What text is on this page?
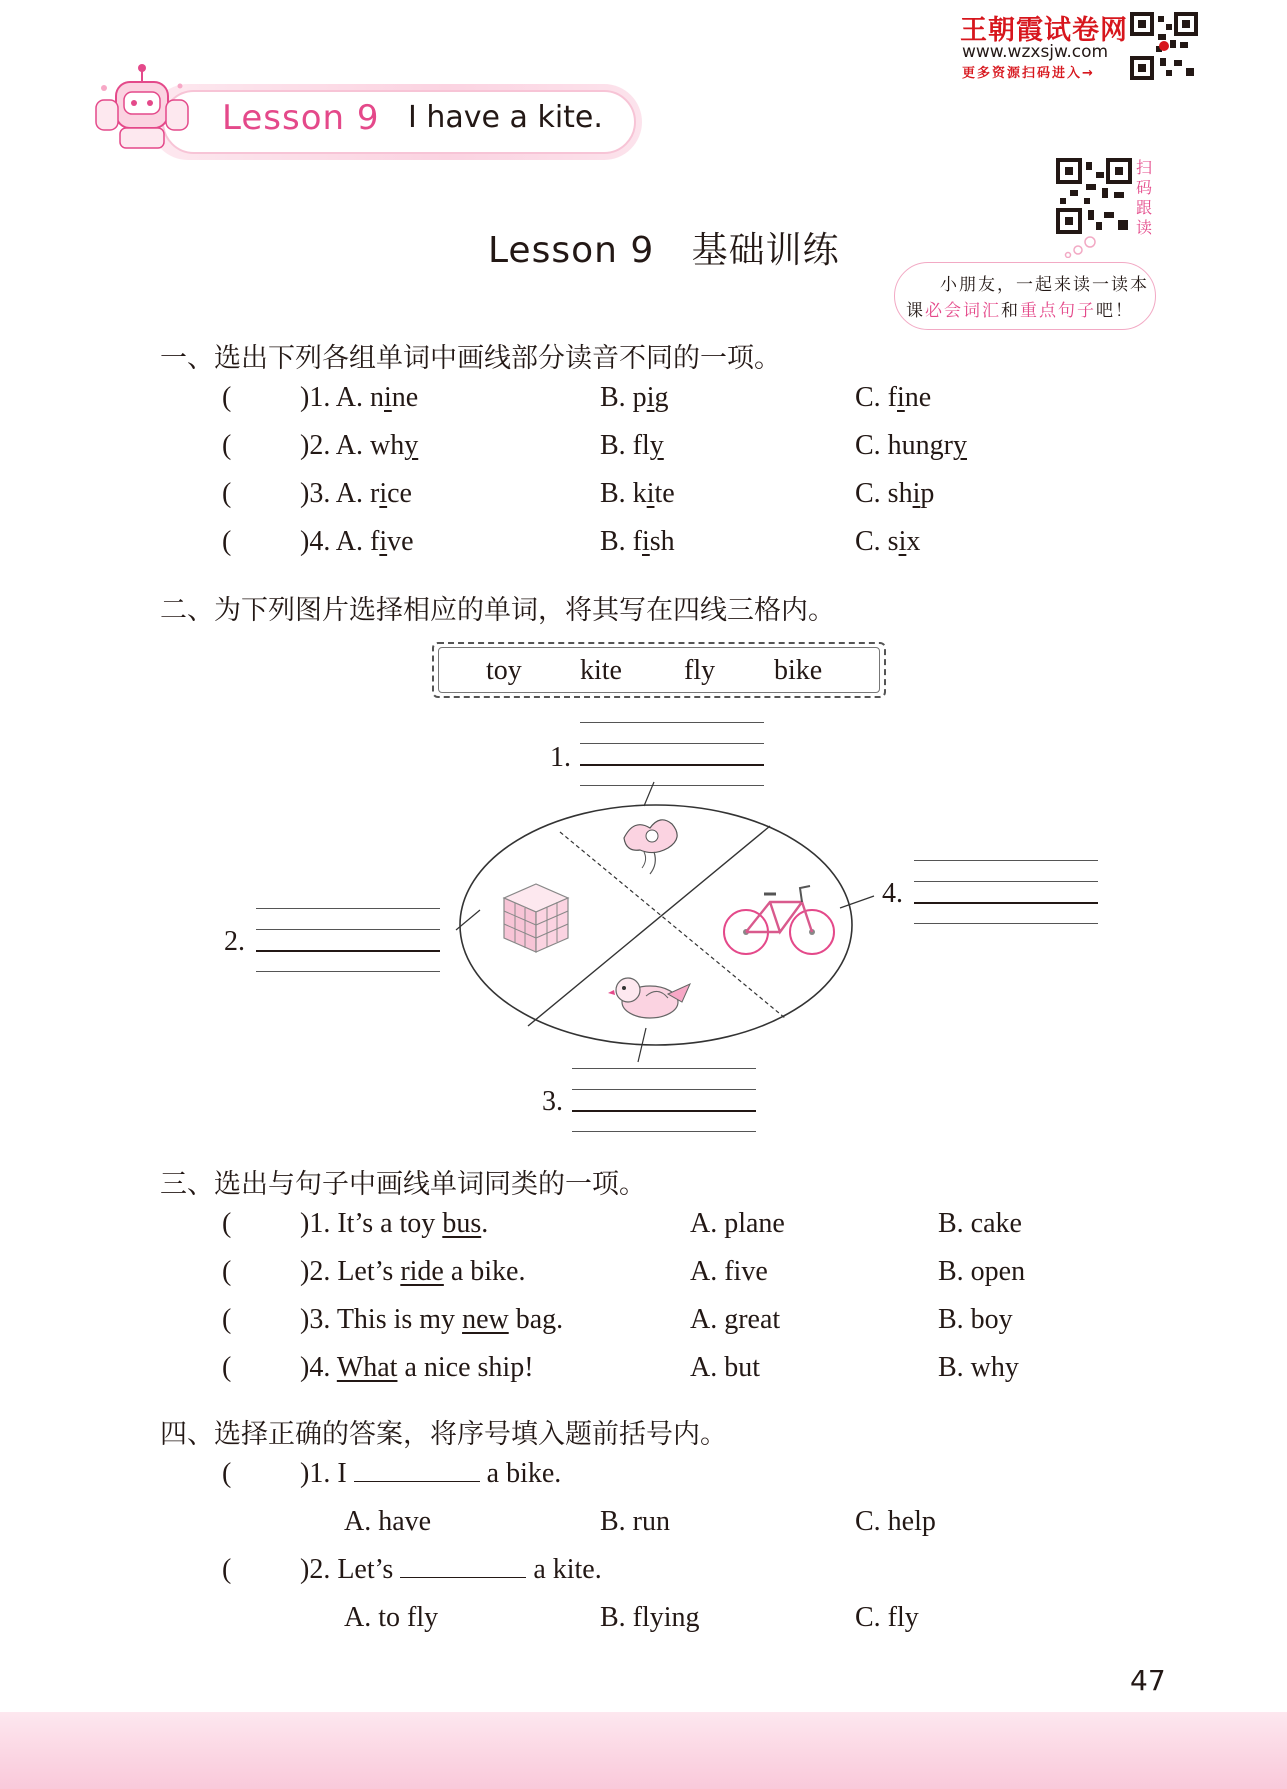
Lesson 9 I have a kite.
王朝霞试卷网
www.wzxsjw.com
更多资源扫码进入→
扫码跟读
Lesson 9   基础训练
小朋友，一起来读一读本
课必会词汇和重点句子吧！
一、选出下列各组单词中画线部分读音不同的一项。
( )1. A. nine	B. pig	C. fine
( )2. A. why	B. fly	C. hungry
( )3. A. rice	B. kite	C. ship
( )4. A. five	B. fish	C. six
二、为下列图片选择相应的单词，将其写在四线三格内。
toy kite fly bike
1.
2.
3.
4.
三、选出与句子中画线单词同类的一项。
( )1. It’s a toy bus.	A. plane	B. cake
( )2. Let’s ride a bike.	A. five	B. open
( )3. This is my new bag.	A. great	B. boy
( )4. What a nice ship!	A. but	B. why
四、选择正确的答案，将序号填入题前括号内。
( )1. I	a bike.
A. have	B. run	C. help
( )2. Let’s	a kite.
A. to fly	B. flying	C. fly
47
